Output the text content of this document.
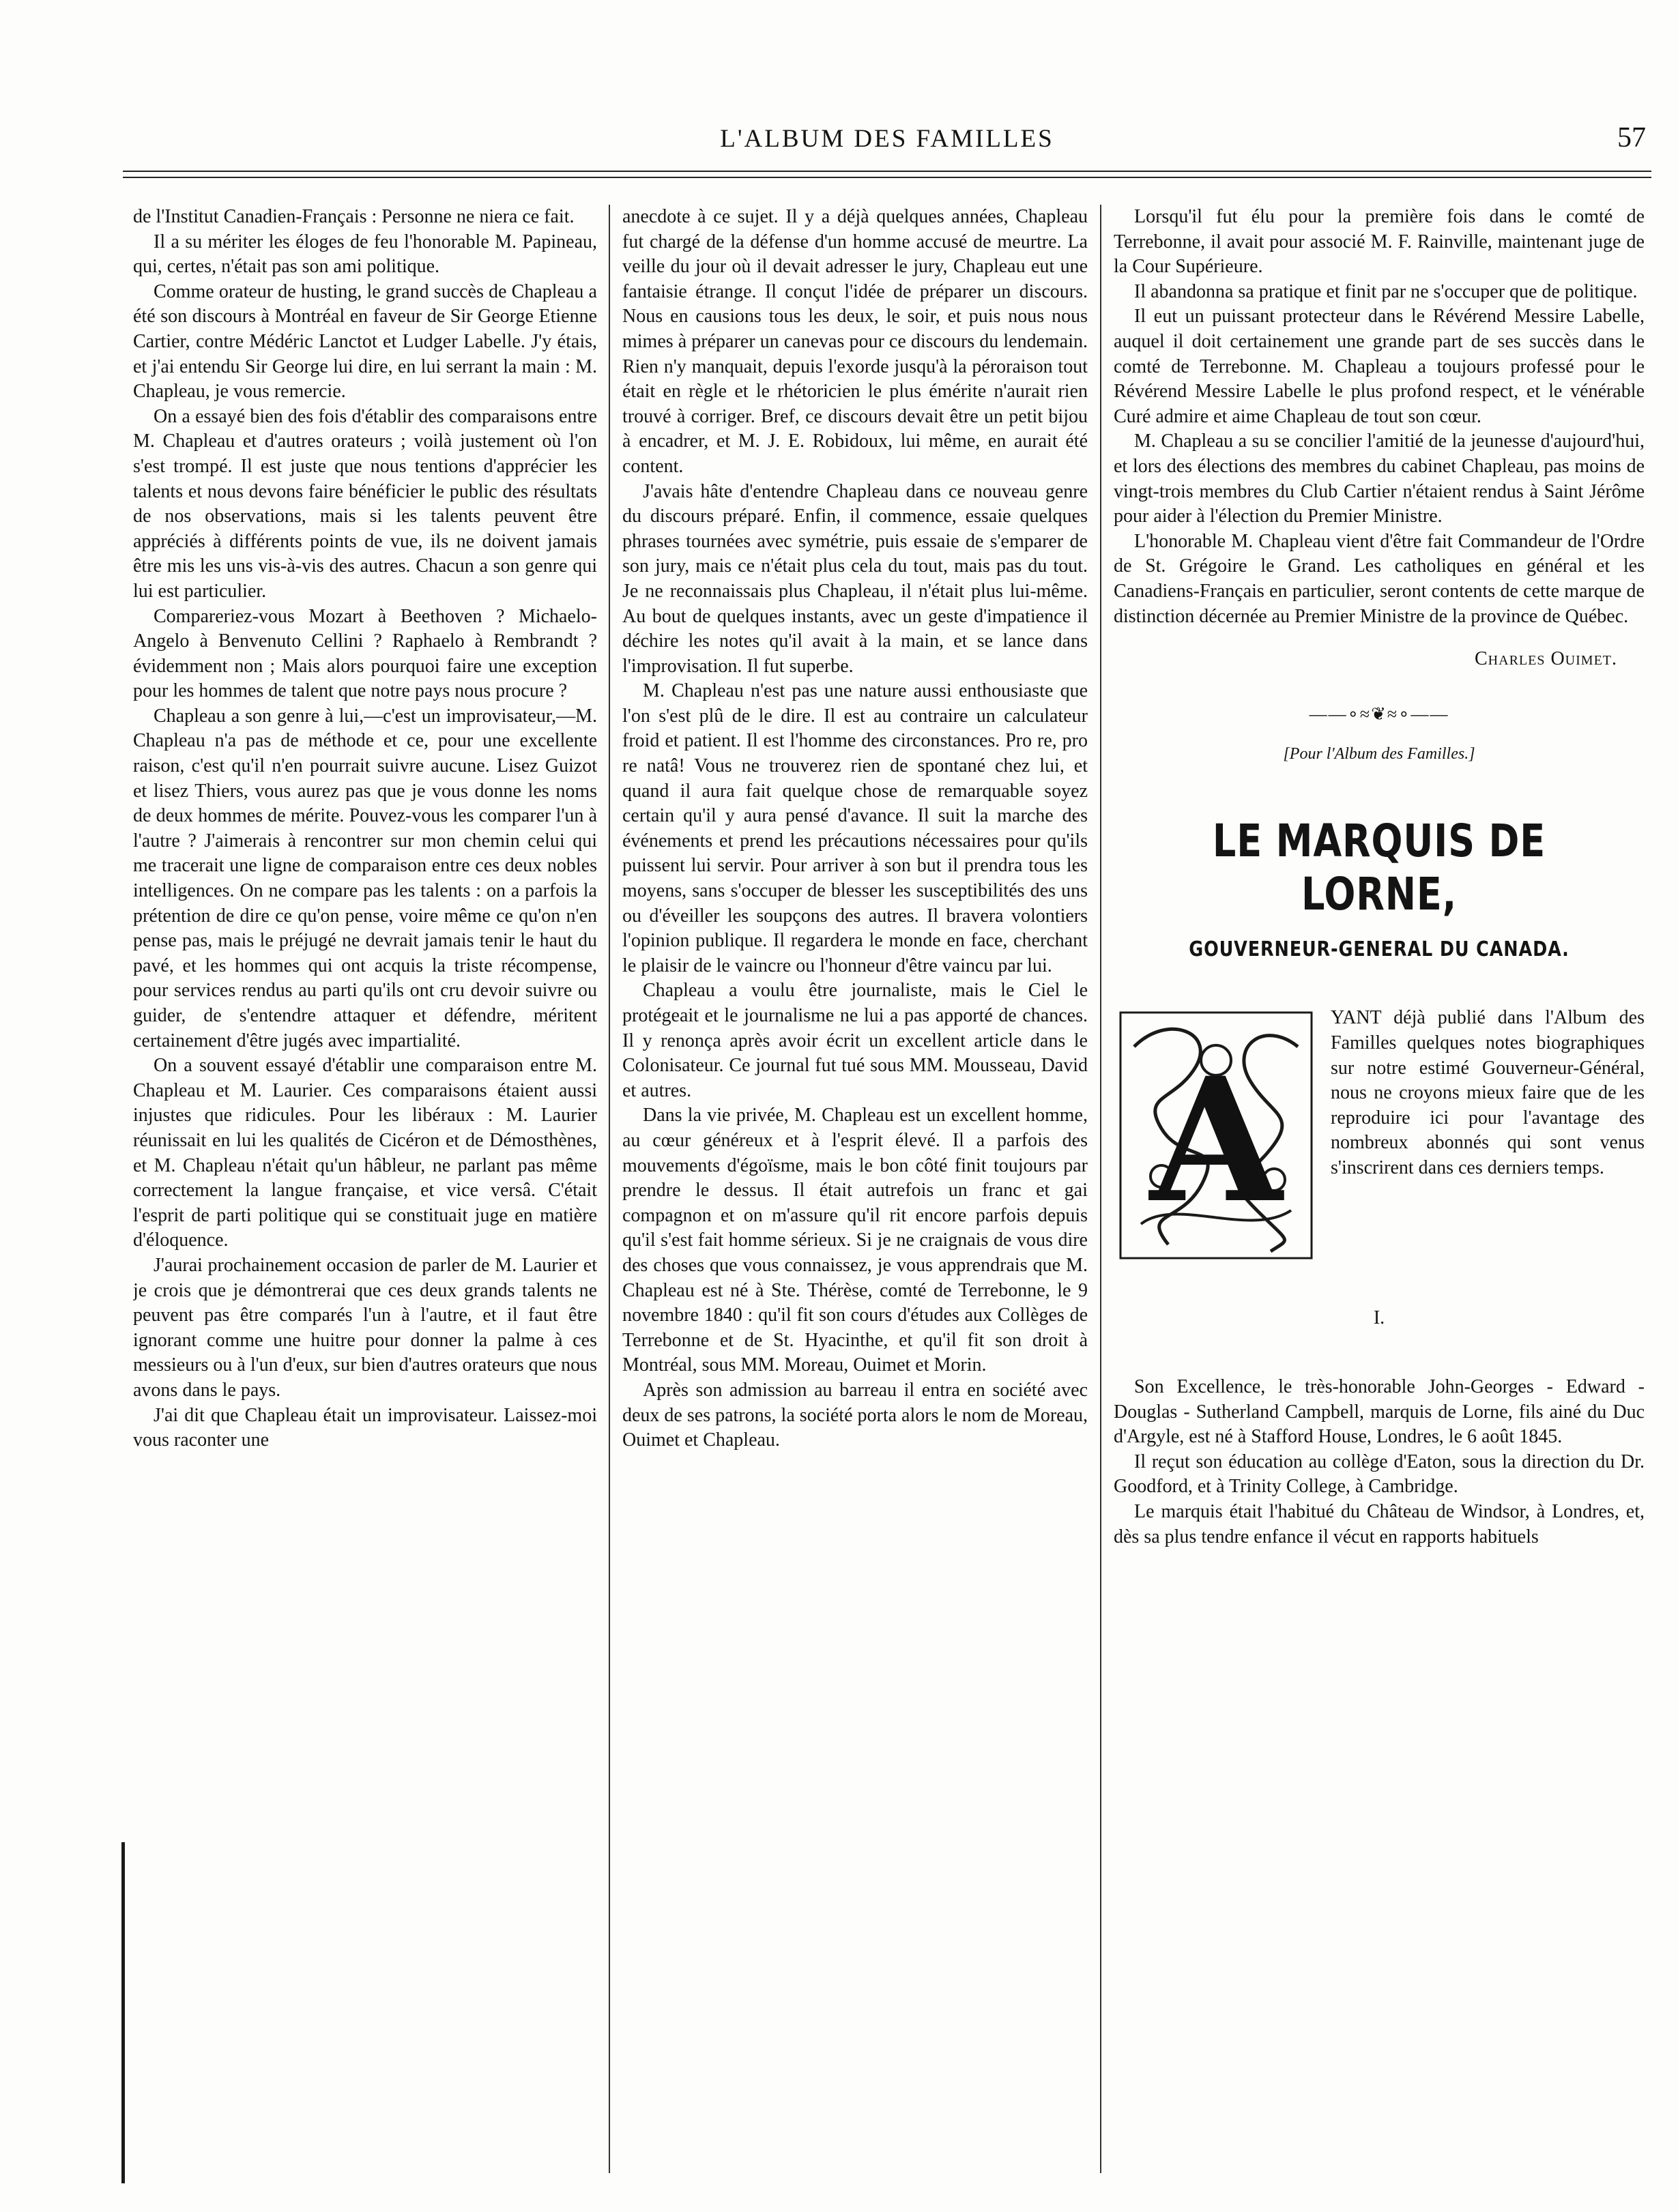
L'ALBUM DES FAMILLES	57

de l'Institut Canadien-Français : Personne ne niera ce fait.

Il a su mériter les éloges de feu l'honorable M. Papineau, qui, certes, n'était pas son ami politique.

Comme orateur de husting, le grand succès de Chapleau a été son discours à Montréal en faveur de Sir George Etienne Cartier, contre Médéric Lanctot et Ludger Labelle. J'y étais, et j'ai entendu Sir George lui dire, en lui serrant la main : M. Chapleau, je vous remercie.

On a essayé bien des fois d'établir des comparaisons entre M. Chapleau et d'autres orateurs ; voilà justement où l'on s'est trompé. Il est juste que nous tentions d'apprécier les talents et nous devons faire bénéficier le public des résultats de nos observations, mais si les talents peuvent être appréciés à différents points de vue, ils ne doivent jamais être mis les uns vis-à-vis des autres. Chacun a son genre qui lui est particulier.

Compareriez-vous Mozart à Beethoven ? Michaelo-Angelo à Benvenuto Cellini ? Raphaelo à Rembrandt ? évidemment non ; Mais alors pourquoi faire une exception pour les hommes de talent que notre pays nous procure ?

Chapleau a son genre à lui,—c'est un improvisateur,—M. Chapleau n'a pas de méthode et ce, pour une excellente raison, c'est qu'il n'en pourrait suivre aucune. Lisez Guizot et lisez Thiers, vous aurez pas que je vous donne les noms de deux hommes de mérite. Pouvez-vous les comparer l'un à l'autre ? J'aimerais à rencontrer sur mon chemin celui qui me tracerait une ligne de comparaison entre ces deux nobles intelligences. On ne compare pas les talents : on a parfois la prétention de dire ce qu'on pense, voire même ce qu'on n'en pense pas, mais le préjugé ne devrait jamais tenir le haut du pavé, et les hommes qui ont acquis la triste récompense, pour services rendus au parti qu'ils ont cru devoir suivre ou guider, de s'entendre attaquer et défendre, méritent certainement d'être jugés avec impartialité.

On a souvent essayé d'établir une comparaison entre M. Chapleau et M. Laurier. Ces comparaisons étaient aussi injustes que ridicules. Pour les libéraux : M. Laurier réunissait en lui les qualités de Cicéron et de Démosthènes, et M. Chapleau n'était qu'un hâbleur, ne parlant pas même correctement la langue française, et vice versâ. C'était l'esprit de parti politique qui se constituait juge en matière d'éloquence.

J'aurai prochainement occasion de parler de M. Laurier et je crois que je démontrerai que ces deux grands talents ne peuvent pas être comparés l'un à l'autre, et il faut être ignorant comme une huitre pour donner la palme à ces messieurs ou à l'un d'eux, sur bien d'autres orateurs que nous avons dans le pays.

J'ai dit que Chapleau était un improvisateur. Laissez-moi vous raconter une

anecdote à ce sujet. Il y a déjà quelques années, Chapleau fut chargé de la défense d'un homme accusé de meurtre. La veille du jour où il devait adresser le jury, Chapleau eut une fantaisie étrange. Il conçut l'idée de préparer un discours. Nous en causions tous les deux, le soir, et puis nous nous mimes à préparer un canevas pour ce discours du lendemain. Rien n'y manquait, depuis l'exorde jusqu'à la péroraison tout était en règle et le rhétoricien le plus émérite n'aurait rien trouvé à corriger. Bref, ce discours devait être un petit bijou à encadrer, et M. J. E. Robidoux, lui même, en aurait été content.

J'avais hâte d'entendre Chapleau dans ce nouveau genre du discours préparé. Enfin, il commence, essaie quelques phrases tournées avec symétrie, puis essaie de s'emparer de son jury, mais ce n'était plus cela du tout, mais pas du tout. Je ne reconnaissais plus Chapleau, il n'était plus lui-même. Au bout de quelques instants, avec un geste d'impatience il déchire les notes qu'il avait à la main, et se lance dans l'improvisation. Il fut superbe.

M. Chapleau n'est pas une nature aussi enthousiaste que l'on s'est plû de le dire. Il est au contraire un calculateur froid et patient. Il est l'homme des circonstances. Pro re, pro re natâ! Vous ne trouverez rien de spontané chez lui, et quand il aura fait quelque chose de remarquable soyez certain qu'il y aura pensé d'avance. Il suit la marche des événements et prend les précautions nécessaires pour qu'ils puissent lui servir. Pour arriver à son but il prendra tous les moyens, sans s'occuper de blesser les susceptibilités des uns ou d'éveiller les soupçons des autres. Il bravera volontiers l'opinion publique. Il regardera le monde en face, cherchant le plaisir de le vaincre ou l'honneur d'être vaincu par lui.

Chapleau a voulu être journaliste, mais le Ciel le protégeait et le journalisme ne lui a pas apporté de chances. Il y renonça après avoir écrit un excellent article dans le Colonisateur. Ce journal fut tué sous MM. Mousseau, David et autres.

Dans la vie privée, M. Chapleau est un excellent homme, au cœur généreux et à l'esprit élevé. Il a parfois des mouvements d'égoïsme, mais le bon côté finit toujours par prendre le dessus. Il était autrefois un franc et gai compagnon et on m'assure qu'il rit encore parfois depuis qu'il s'est fait homme sérieux. Si je ne craignais de vous dire des choses que vous connaissez, je vous apprendrais que M. Chapleau est né à Ste. Thérèse, comté de Terrebonne, le 9 novembre 1840 : qu'il fit son cours d'études aux Collèges de Terrebonne et de St. Hyacinthe, et qu'il fit son droit à Montréal, sous MM. Moreau, Ouimet et Morin.

Après son admission au barreau il entra en société avec deux de ses patrons, la société porta alors le nom de Moreau, Ouimet et Chapleau.

Lorsqu'il fut élu pour la première fois dans le comté de Terrebonne, il avait pour associé M. F. Rainville, maintenant juge de la Cour Supérieure.

Il abandonna sa pratique et finit par ne s'occuper que de politique.

Il eut un puissant protecteur dans le Révérend Messire Labelle, auquel il doit certainement une grande part de ses succès dans le comté de Terrebonne. M. Chapleau a toujours professé pour le Révérend Messire Labelle le plus profond respect, et le vénérable Curé admire et aime Chapleau de tout son cœur.

M. Chapleau a su se concilier l'amitié de la jeunesse d'aujourd'hui, et lors des élections des membres du cabinet Chapleau, pas moins de vingt-trois membres du Club Cartier n'étaient rendus à Saint Jérôme pour aider à l'élection du Premier Ministre.

L'honorable M. Chapleau vient d'être fait Commandeur de l'Ordre de St. Grégoire le Grand. Les catholiques en général et les Canadiens-Français en particulier, seront contents de cette marque de distinction décernée au Premier Ministre de la province de Québec.

Charles Ouimet.
——∘≈❦≈∘——
[Pour l'Album des Familles.]
LE MARQUIS DE LORNE,
GOUVERNEUR-GENERAL DU CANADA.
A

YANT déjà publié dans l'Album des Familles quelques notes biographiques sur notre estimé Gouverneur-Général, nous ne croyons mieux faire que de les reproduire ici pour l'avantage des nombreux abonnés qui sont venus s'inscrirent dans ces derniers temps.

I.

Son Excellence, le très-honorable John-Georges - Edward - Douglas - Sutherland Campbell, marquis de Lorne, fils ainé du Duc d'Argyle, est né à Stafford House, Londres, le 6 août 1845.

Il reçut son éducation au collège d'Eaton, sous la direction du Dr. Goodford, et à Trinity College, à Cambridge.

Le marquis était l'habitué du Château de Windsor, à Londres, et, dès sa plus tendre enfance il vécut en rapports habituels
